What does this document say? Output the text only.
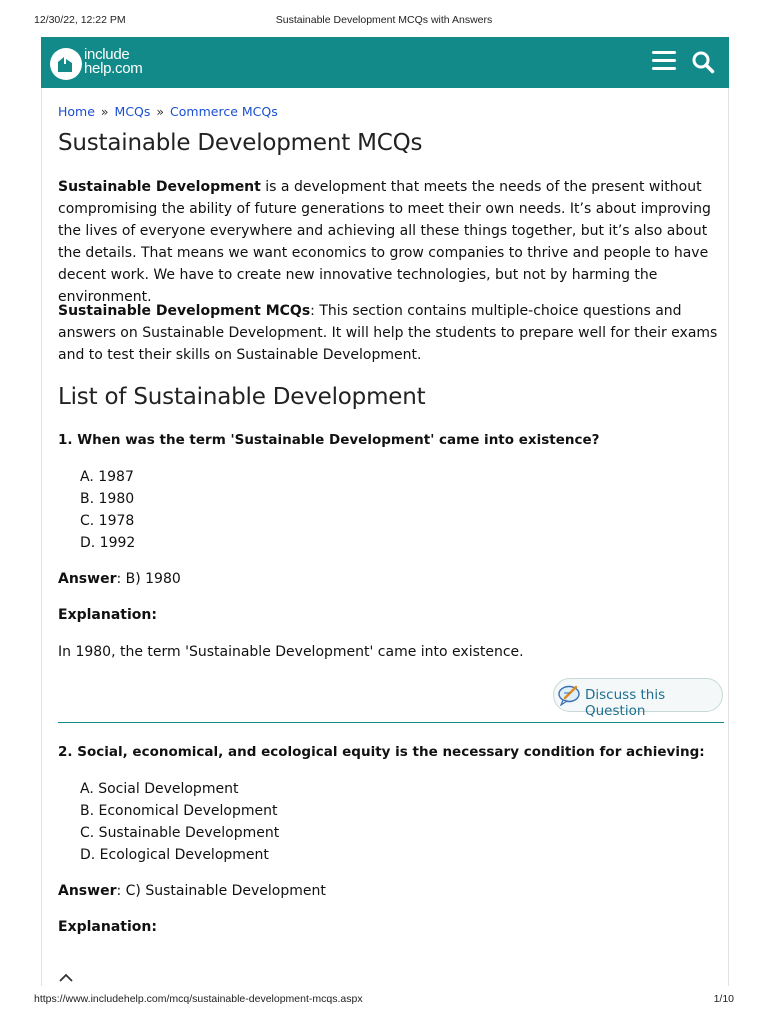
12/30/22, 12:22 PM	Sustainable Development MCQs with Answers
include
help.com
Home » MCQs » Commerce MCQs
Sustainable Development MCQs

Sustainable Development is a development that meets the needs of the present without compromising the ability of future generations to meet their own needs. It’s about improving the lives of everyone everywhere and achieving all these things together, but it’s also about the details. That means we want economics to grow companies to thrive and people to have decent work. We have to create new innovative technologies, but not by harming the environment.

Sustainable Development MCQs: This section contains multiple-choice questions and answers on Sustainable Development. It will help the students to prepare well for their exams and to test their skills on Sustainable Development.

List of Sustainable Development
1. When was the term 'Sustainable Development' came into existence?
A. 1987
B. 1980
C. 1978
D. 1992
Answer: B) 1980
Explanation:
In 1980, the term 'Sustainable Development' came into existence.
Discuss this Question
2. Social, economical, and ecological equity is the necessary condition for achieving:
A. Social Development
B. Economical Development
C. Sustainable Development
D. Ecological Development
Answer: C) Sustainable Development
Explanation:
https://www.includehelp.com/mcq/sustainable-development-mcqs.aspx	1/10
